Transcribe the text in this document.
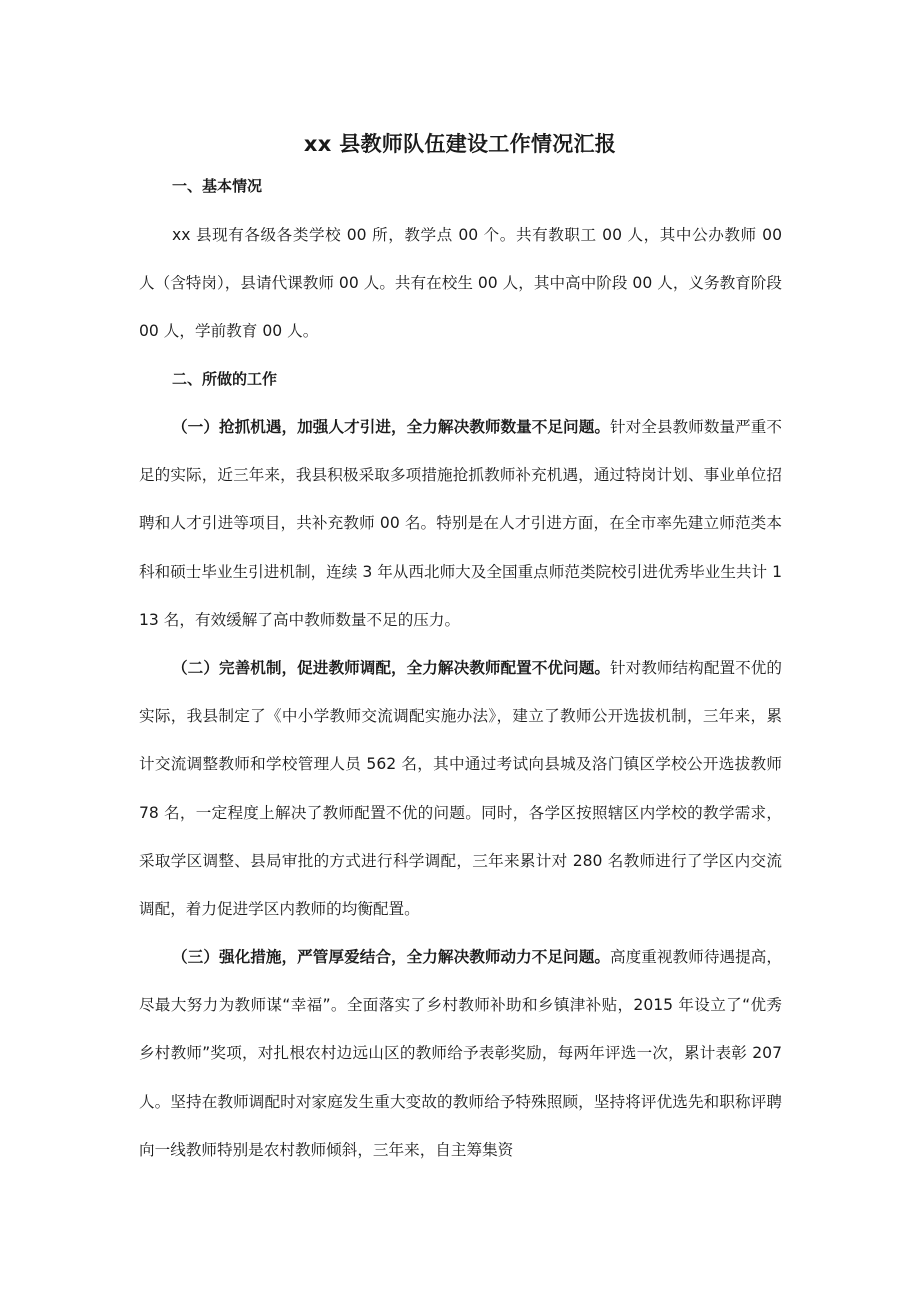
xx 县教师队伍建设工作情况汇报
一、基本情况

xx 县现有各级各类学校 00 所，教学点 00 个。共有教职工 00 人，其中公办教师 00 人（含特岗），县请代课教师 00 人。共有在校生 00 人，其中高中阶段 00 人，义务教育阶段 00 人，学前教育 00 人。

二、所做的工作

（一）抢抓机遇，加强人才引进，全力解决教师数量不足问题。针对全县教师数量严重不足的实际，近三年来，我县积极采取多项措施抢抓教师补充机遇，通过特岗计划、事业单位招聘和人才引进等项目，共补充教师 00 名。特别是在人才引进方面，在全市率先建立师范类本科和硕士毕业生引进机制，连续 3 年从西北师大及全国重点师范类院校引进优秀毕业生共计 113 名，有效缓解了高中教师数量不足的压力。

（二）完善机制，促进教师调配，全力解决教师配置不优问题。针对教师结构配置不优的实际，我县制定了《中小学教师交流调配实施办法》，建立了教师公开选拔机制，三年来，累计交流调整教师和学校管理人员 562 名，其中通过考试向县城及洛门镇区学校公开选拔教师 78 名，一定程度上解决了教师配置不优的问题。同时，各学区按照辖区内学校的教学需求，采取学区调整、县局审批的方式进行科学调配，三年来累计对 280 名教师进行了学区内交流调配，着力促进学区内教师的均衡配置。

（三）强化措施，严管厚爱结合，全力解决教师动力不足问题。高度重视教师待遇提高，尽最大努力为教师谋“幸福”。全面落实了乡村教师补助和乡镇津补贴，2015 年设立了“优秀乡村教师”奖项，对扎根农村边远山区的教师给予表彰奖励，每两年评选一次，累计表彰 207 人。坚持在教师调配时对家庭发生重大变故的教师给予特殊照顾，坚持将评优选先和职称评聘向一线教师特别是农村教师倾斜，三年来，自主筹集资
